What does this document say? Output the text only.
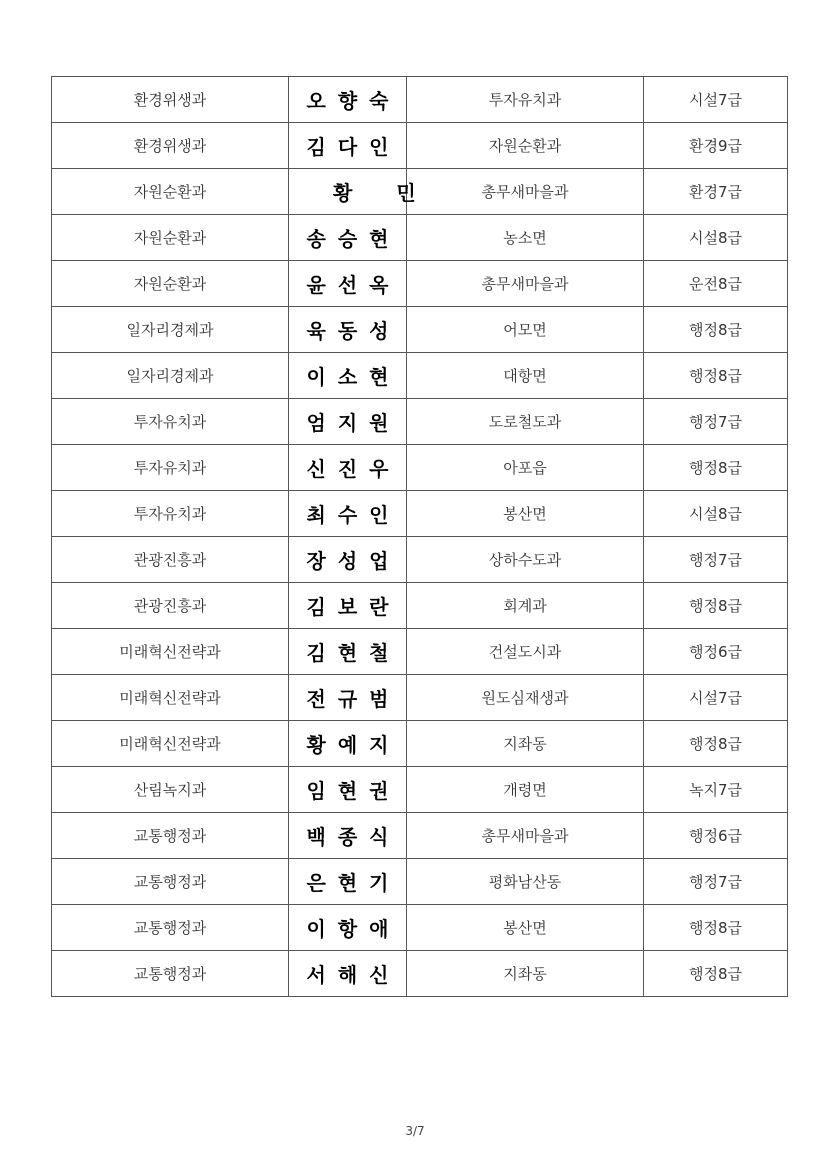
환경위생과	오향숙	투자유치과	시설7급
환경위생과	김다인	자원순환과	환경9급
자원순환과	황민	총무새마을과	환경7급
자원순환과	송승현	농소면	시설8급
자원순환과	윤선옥	총무새마을과	운전8급
일자리경제과	육동성	어모면	행정8급
일자리경제과	이소현	대항면	행정8급
투자유치과	엄지원	도로철도과	행정7급
투자유치과	신진우	아포읍	행정8급
투자유치과	최수인	봉산면	시설8급
관광진흥과	장성업	상하수도과	행정7급
관광진흥과	김보란	회계과	행정8급
미래혁신전략과	김현철	건설도시과	행정6급
미래혁신전략과	전규범	원도심재생과	시설7급
미래혁신전략과	황예지	지좌동	행정8급
산림녹지과	임현권	개령면	녹지7급
교통행정과	백종식	총무새마을과	행정6급
교통행정과	은현기	평화남산동	행정7급
교통행정과	이항애	봉산면	행정8급
교통행정과	서해신	지좌동	행정8급
3/7
